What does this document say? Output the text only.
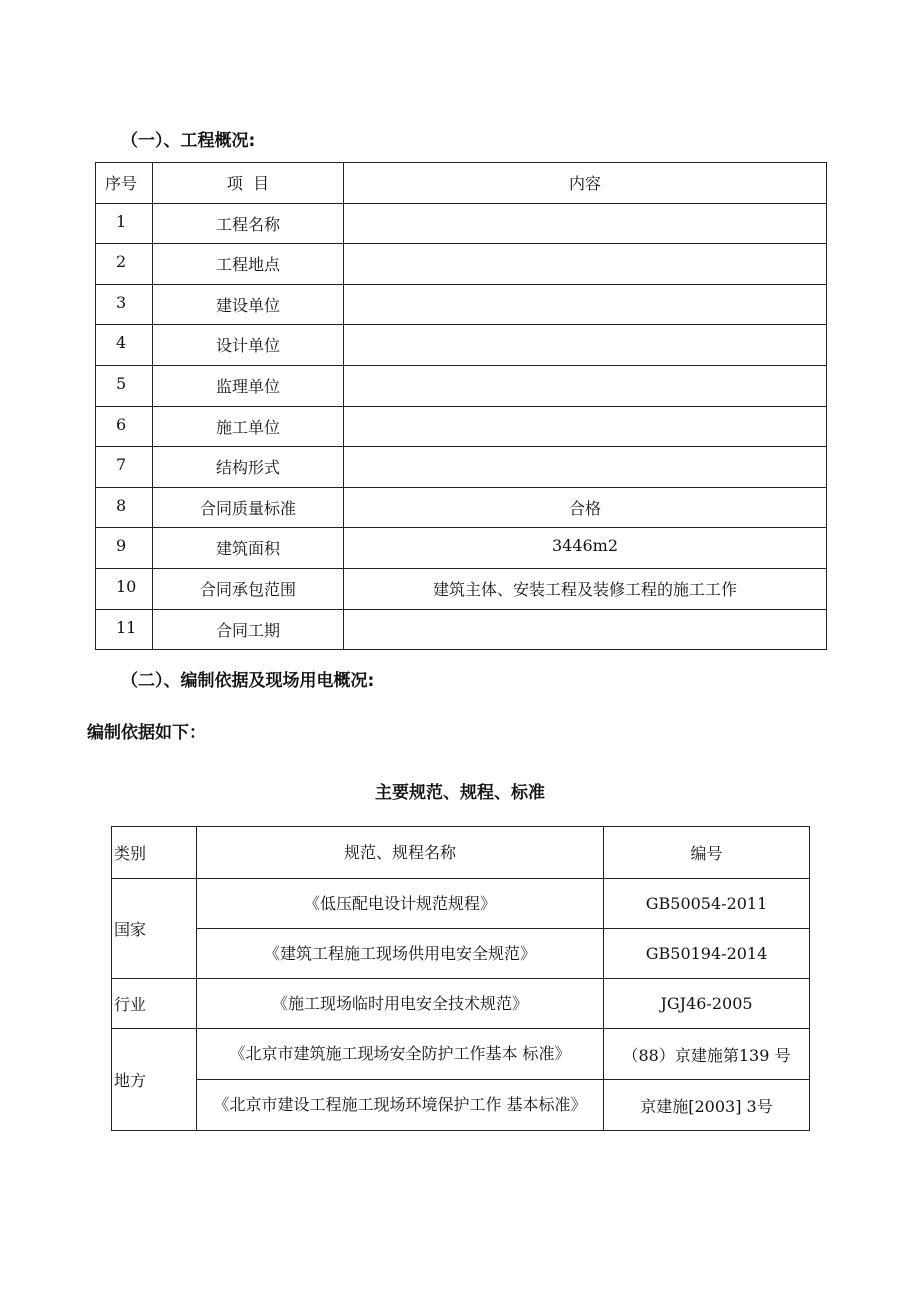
（一）、工程概况:
序号	项  目	内容
1	工程名称	
2	工程地点	
3	建设单位	
4	设计单位	
5	监理单位	
6	施工单位	
7	结构形式	
8	合同质量标准	合格
9	建筑面积	3446m2
10	合同承包范围	建筑主体、安装工程及装修工程的施工工作
11	合同工期	
（二）、编制依据及现场用电概况:
编制依据如下：
主要规范、规程、标准
类别	规范、规程名称	编号
国家	《低压配电设计规范规程》	GB50054-2011
	《建筑工程施工现场供用电安全规范》	GB50194-2014
行业	《施工现场临时用电安全技术规范》	JGJ46-2005
地方	《北京市建筑施工现场安全防护工作基本 标准》	（88）京建施第139 号
	《北京市建设工程施工现场环境保护工作 基本标准》	京建施[2003] 3号
